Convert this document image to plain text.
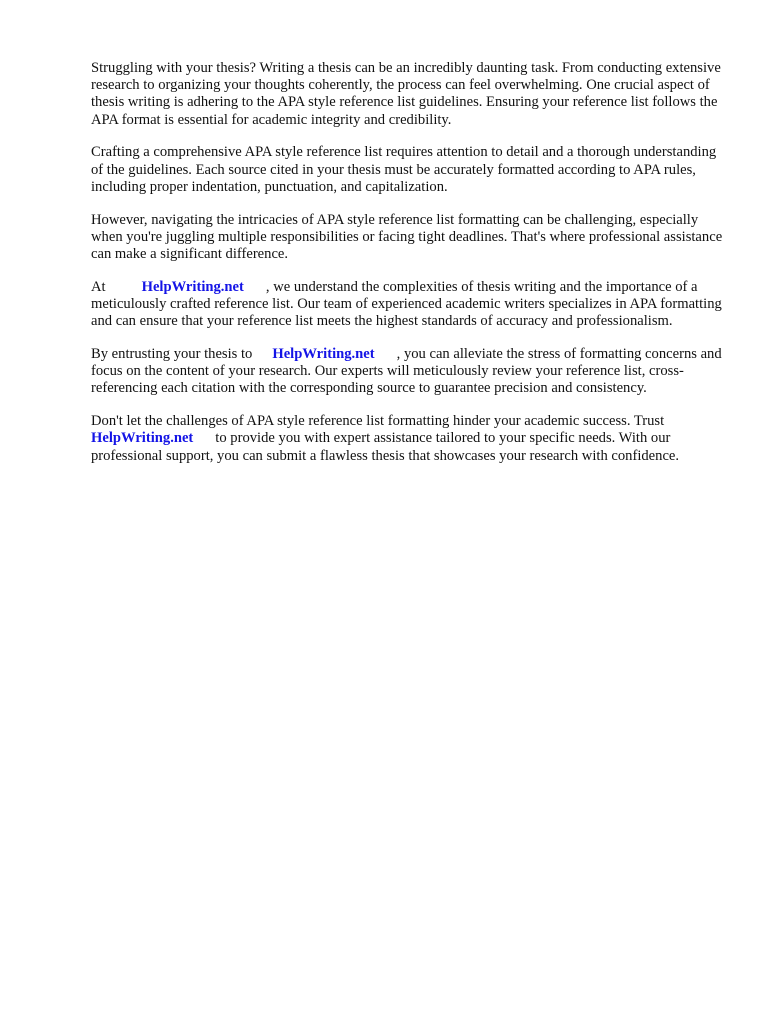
Struggling with your thesis? Writing a thesis can be an incredibly daunting task. From conducting extensive research to organizing your thoughts coherently, the process can feel overwhelming. One crucial aspect of thesis writing is adhering to the APA style reference list guidelines. Ensuring your reference list follows the APA format is essential for academic integrity and credibility.

Crafting a comprehensive APA style reference list requires attention to detail and a thorough understanding of the guidelines. Each source cited in your thesis must be accurately formatted according to APA rules, including proper indentation, punctuation, and capitalization.

However, navigating the intricacies of APA style reference list formatting can be challenging, especially when you're juggling multiple responsibilities or facing tight deadlines. That's where professional assistance can make a significant difference.

At HelpWriting.net , we understand the complexities of thesis writing and the importance of a meticulously crafted reference list. Our team of experienced academic writers specializes in APA formatting and can ensure that your reference list meets the highest standards of accuracy and professionalism.

By entrusting your thesis to HelpWriting.net , you can alleviate the stress of formatting concerns and focus on the content of your research. Our experts will meticulously review your reference list, cross-referencing each citation with the corresponding source to guarantee precision and consistency.

Don't let the challenges of APA style reference list formatting hinder your academic success. Trust HelpWriting.net to provide you with expert assistance tailored to your specific needs. With our professional support, you can submit a flawless thesis that showcases your research with confidence.
